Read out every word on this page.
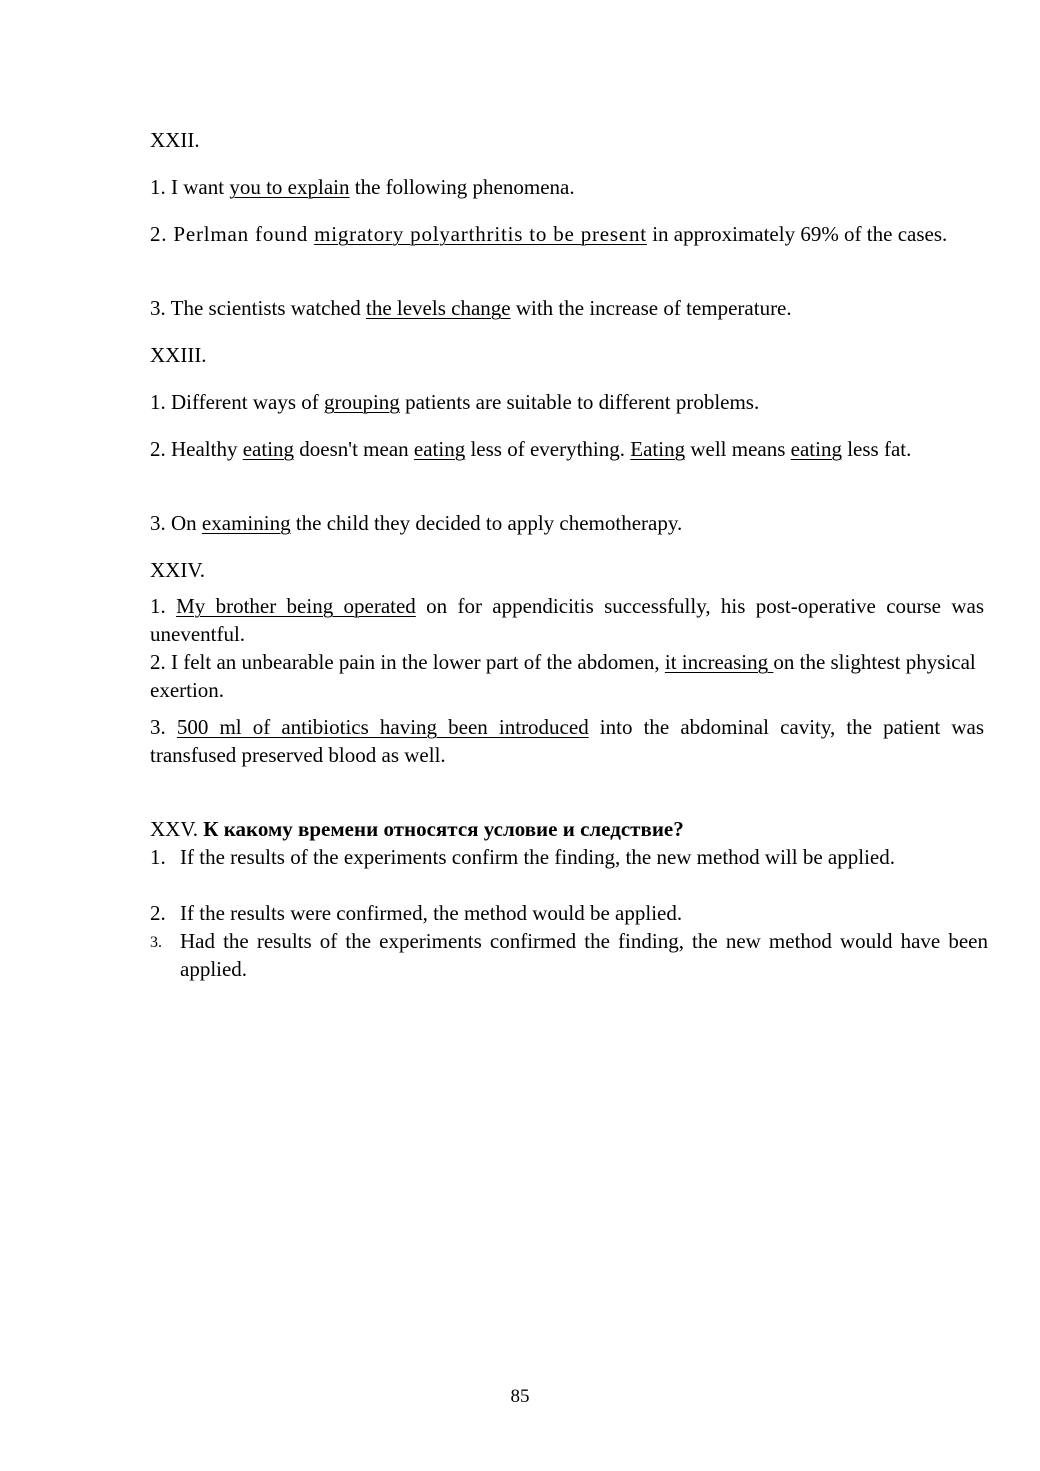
XXII.
1. I want you to explain the following phenomena.
2. Perlman found migratory polyarthritis to be present in approximately 69% of the cases.
3. The scientists watched the levels change with the increase of temperature.
XXIII.
1. Different ways of grouping patients are suitable to different problems.
2. Healthy eating doesn't mean eating less of everything. Eating well means eating less fat.
3. On examining the child they decided to apply chemotherapy.
XXIV.
1. My brother being operated on for appendicitis successfully, his post-operative course was uneventful.
2. I felt an unbearable pain in the lower part of the abdomen, it increasing on the slightest physical exertion.
3. 500 ml of antibiotics having been introduced into the abdominal cavity, the patient was transfused preserved blood as well.
XXV. К какому времени относятся условие и следствие?
1. If the results of the experiments confirm the finding, the new method will be applied.
2. If the results were confirmed, the method would be applied.
3. Had the results of the experiments confirmed the finding, the new method would have been applied.
85
